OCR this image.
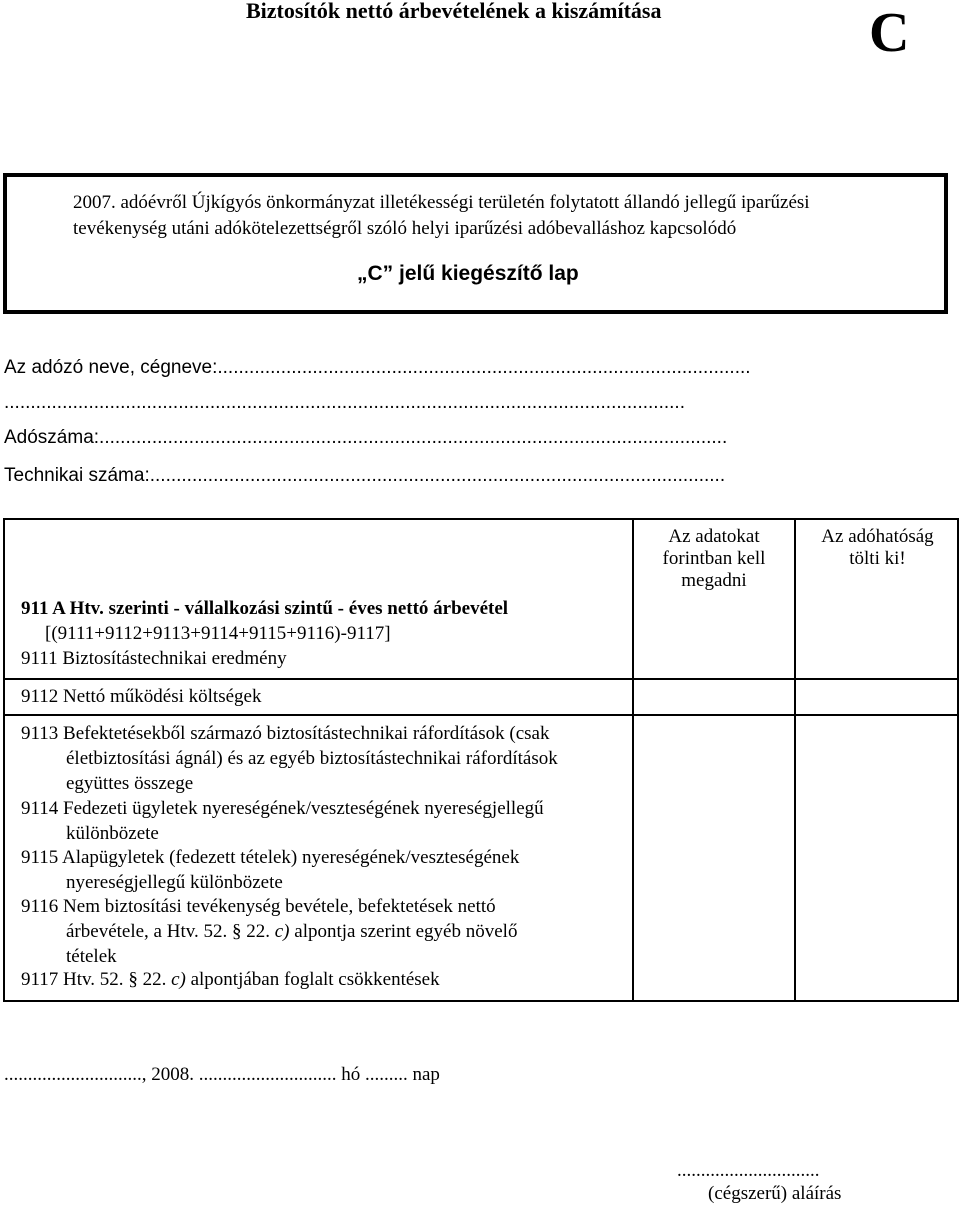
Biztosítók nettó árbevételének a kiszámítása	C
2007. adóévről Újkígyós önkormányzat illetékességi területén folytatott állandó jellegű iparűzési
tevékenység utáni adókötelezettségről szóló helyi iparűzési adóbevalláshoz kapcsolódó
„C” jelű kiegészítő lap
Az adózó neve, cégneve:.....................................................................................................
.................................................................................................................................
Adószáma:.......................................................................................................................
Technikai száma:.............................................................................................................
Az adatokat
forintban kell
megadni
Az adóhatóság
tölti ki!
911 A Htv. szerinti - vállalkozási szintű - éves nettó árbevétel
[(9111+9112+9113+9114+9115+9116)-9117]
9111 Biztosítástechnikai eredmény
9112 Nettó működési költségek
9113 Befektetésekből származó biztosítástechnikai ráfordítások (csak
életbiztosítási ágnál) és az egyéb biztosítástechnikai ráfordítások
együttes összege
9114 Fedezeti ügyletek nyereségének/veszteségének nyereségjellegű
különbözete
9115 Alapügyletek (fedezett tételek) nyereségének/veszteségének
nyereségjellegű különbözete
9116 Nem biztosítási tevékenység bevétele, befektetések nettó
árbevétele, a Htv. 52. § 22. c) alpontja szerint egyéb növelő
tételek
9117 Htv. 52. § 22. c) alpontjában foglalt csökkentések
............................., 2008. ............................. hó ......... nap
..............................
(cégszerű) aláírás
